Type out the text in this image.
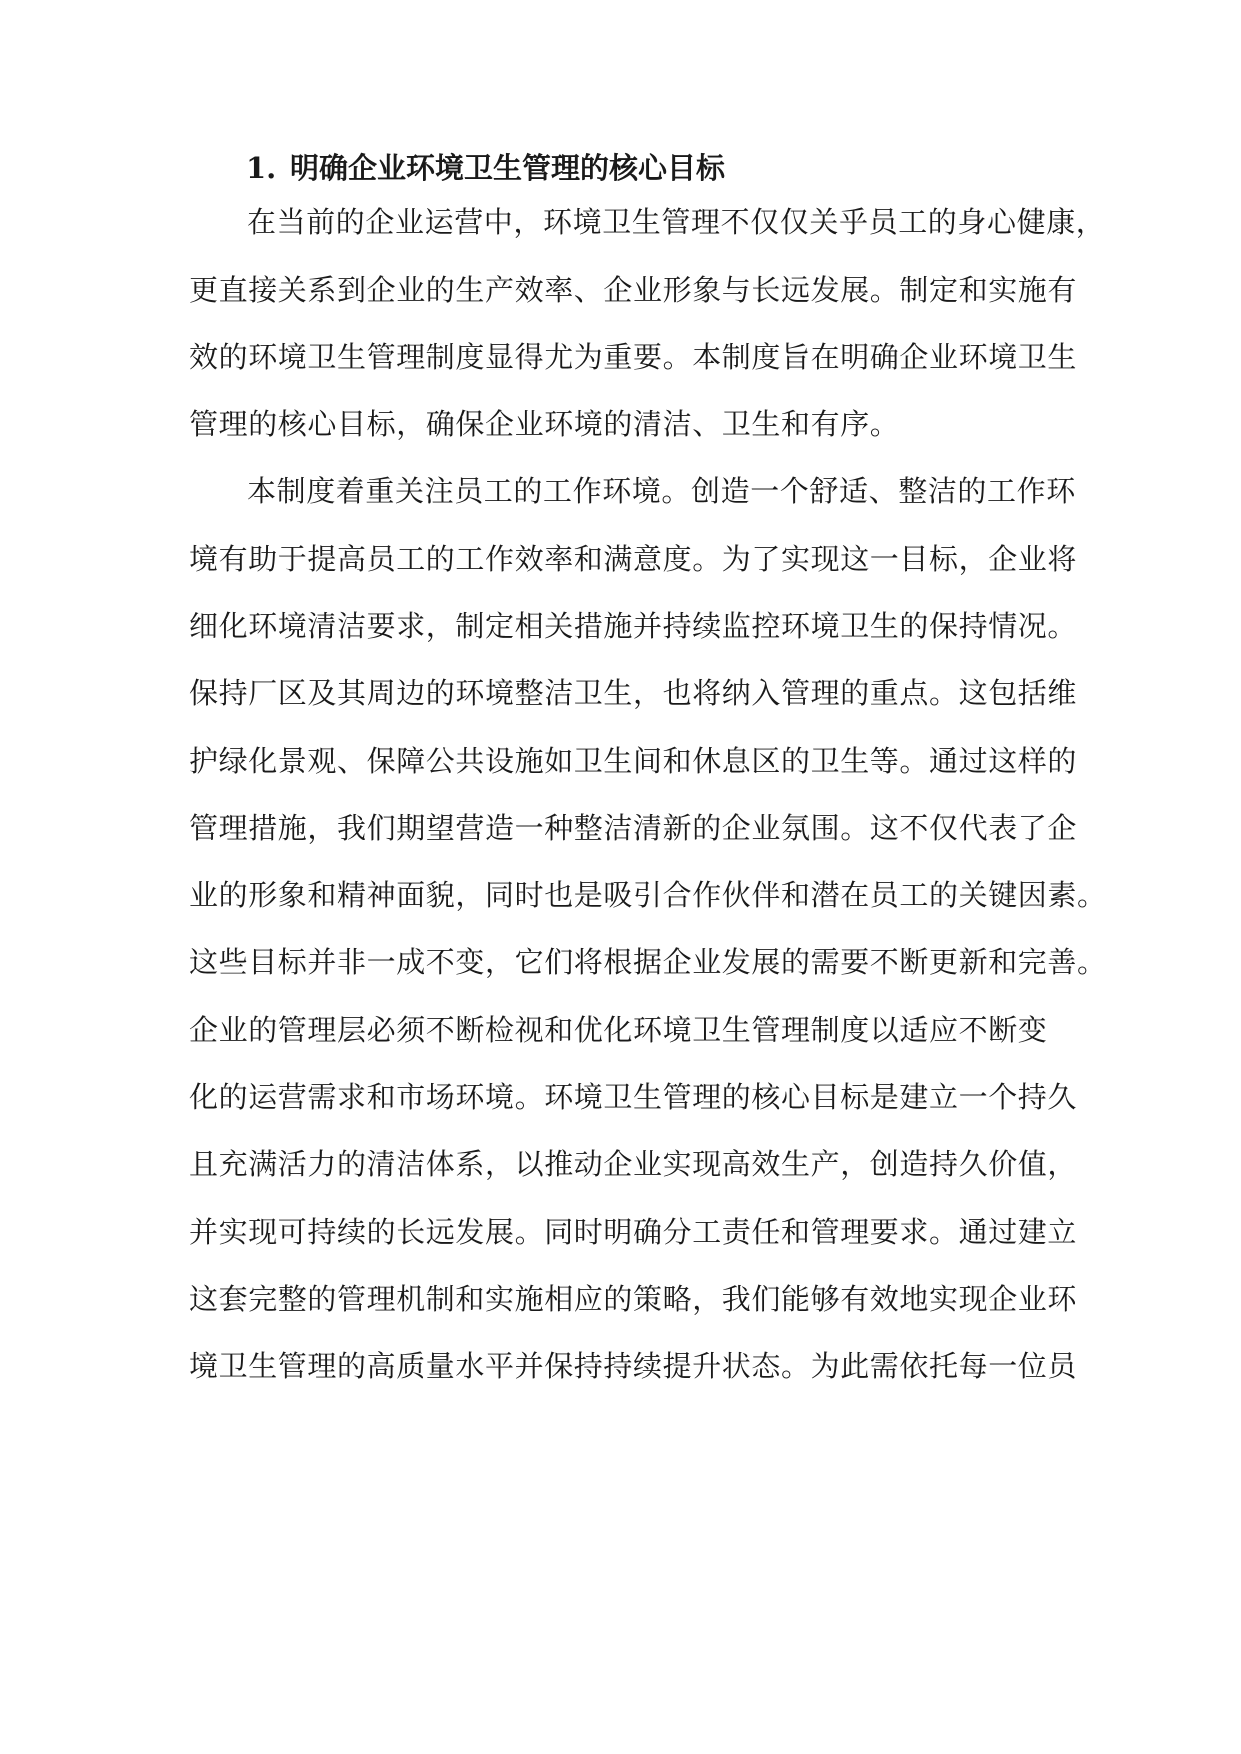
1. 明确企业环境卫生管理的核心目标
在当前的企业运营中，环境卫生管理不仅仅关乎员工的身心健康，
更直接关系到企业的生产效率、企业形象与长远发展。制定和实施有
效的环境卫生管理制度显得尤为重要。本制度旨在明确企业环境卫生
管理的核心目标，确保企业环境的清洁、卫生和有序。
本制度着重关注员工的工作环境。创造一个舒适、整洁的工作环
境有助于提高员工的工作效率和满意度。为了实现这一目标，企业将
细化环境清洁要求，制定相关措施并持续监控环境卫生的保持情况。
保持厂区及其周边的环境整洁卫生，也将纳入管理的重点。这包括维
护绿化景观、保障公共设施如卫生间和休息区的卫生等。通过这样的
管理措施，我们期望营造一种整洁清新的企业氛围。这不仅代表了企
业的形象和精神面貌，同时也是吸引合作伙伴和潜在员工的关键因素。
这些目标并非一成不变，它们将根据企业发展的需要不断更新和完善。
企业的管理层必须不断检视和优化环境卫生管理制度以适应不断变
化的运营需求和市场环境。环境卫生管理的核心目标是建立一个持久
且充满活力的清洁体系，以推动企业实现高效生产，创造持久价值，
并实现可持续的长远发展。同时明确分工责任和管理要求。通过建立
这套完整的管理机制和实施相应的策略，我们能够有效地实现企业环
境卫生管理的高质量水平并保持持续提升状态。为此需依托每一位员
